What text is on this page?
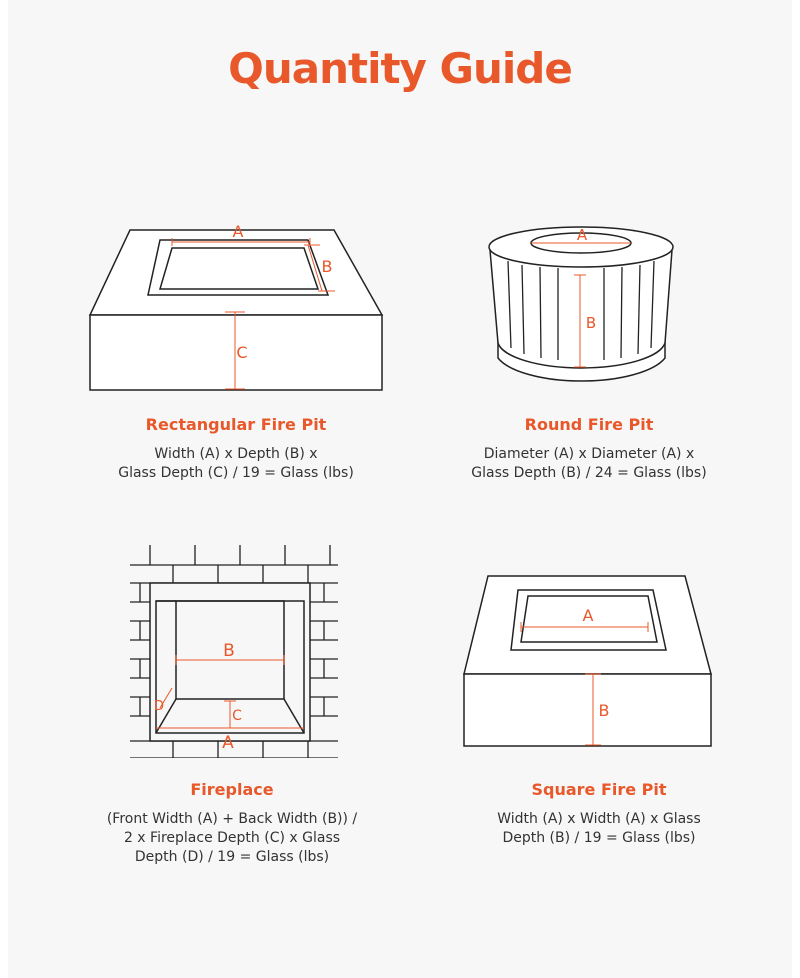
Quantity Guide
A
B
C
Rectangular Fire Pit
Width (A) x Depth (B) x
Glass Depth (C) / 19 = Glass (lbs)
A
B
Round Fire Pit
Diameter (A) x Diameter (A) x
Glass Depth (B) / 24 = Glass (lbs)
B
A
C
D
Fireplace
(Front Width (A) + Back Width (B)) /
2 x Fireplace Depth (C) x Glass
Depth (D) / 19 = Glass (lbs)
A
B
Square Fire Pit
Width (A) x Width (A) x Glass
Depth (B) / 19 = Glass (lbs)
